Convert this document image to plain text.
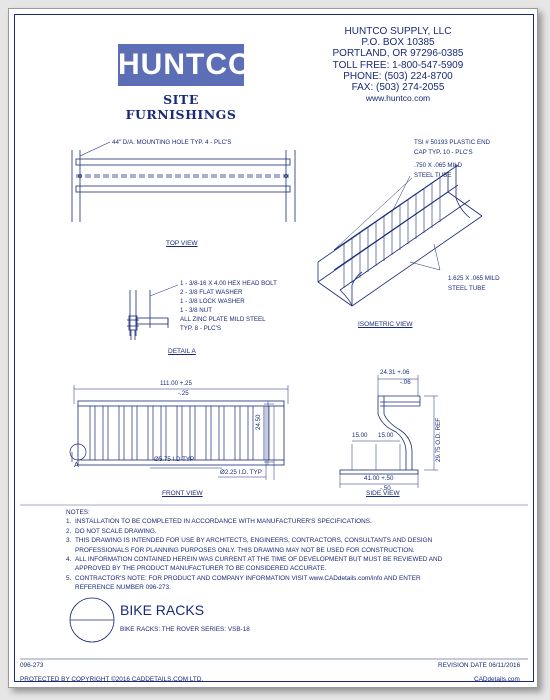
HUNTCO
SITE FURNISHINGS
HUNTCO SUPPLY, LLC
P.O. BOX 10385
PORTLAND, OR 97296-0385
TOLL FREE: 1-800-547-5909
PHONE: (503) 224-8700
FAX: (503) 274-2055
www.huntco.com
44" D/A. MOUNTING HOLE TYP. 4 - PLC'S
TOP VIEW
TSI # 50193 PLASTIC END
CAP TYP. 10 - PLC'S
.750 X .065 MILD
STEEL TUBE
1.625 X .065 MILD
STEEL TUBE
ISOMETRIC VIEW
1 - 3/8-16 X 4.00 HEX HEAD BOLT
2 - 3/8 FLAT WASHER
1 - 3/8 LOCK WASHER
1 - 3/8 NUT
ALL ZINC PLATE MILD STEEL
TYP. 8 - PLC'S
DETAIL A
111.00 +.25
-.25
24.50
Ø5.75 I.D TYP
Ø2.25 I.D. TYP
A
FRONT VIEW
24.31 +.06
-.06
15.00 15.00
41.00 +.50
-.50
29.75 O.D. REF
SIDE VIEW
NOTES:
1. INSTALLATION TO BE COMPLETED IN ACCORDANCE WITH MANUFACTURER'S SPECIFICATIONS.
2. DO NOT SCALE DRAWING.
3. THIS DRAWING IS INTENDED FOR USE BY ARCHITECTS, ENGINEERS, CONTRACTORS, CONSULTANTS AND DESIGN
PROFESSIONALS FOR PLANNING PURPOSES ONLY. THIS DRAWING MAY NOT BE USED FOR CONSTRUCTION.
4. ALL INFORMATION CONTAINED HEREIN WAS CURRENT AT THE TIME OF DEVELOPMENT BUT MUST BE REVIEWED AND
APPROVED BY THE PRODUCT MANUFACTURER TO BE CONSIDERED ACCURATE.
5. CONTRACTOR'S NOTE: FOR PRODUCT AND COMPANY INFORMATION VISIT www.CADdetails.com/info AND ENTER
REFERENCE NUMBER 096-273.
BIKE RACKS
BIKE RACKS: THE ROVER SERIES: VSB-18
096-273	REVISION DATE 06/11/2016
PROTECTED BY COPYRIGHT ©2016 CADDETAILS.COM LTD.	CADdetails.com
